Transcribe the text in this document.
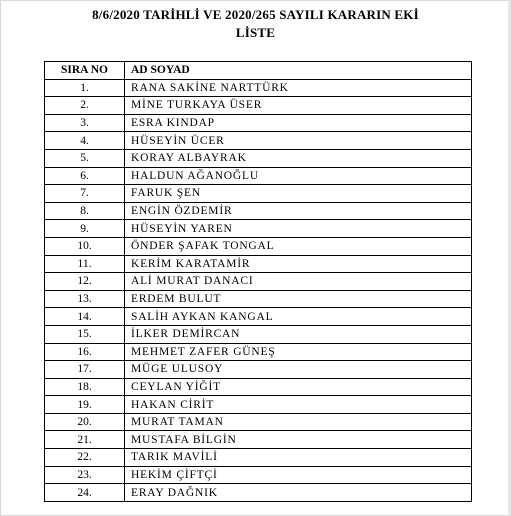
8/6/2020 TARİHLİ VE 2020/265 SAYILI KARARIN EKİ
LİSTE
SIRA NO	AD SOYAD
1.	RANA SAKİNE NARTTÜRK
2.	MİNE TURKAYA ÜSER
3.	ESRA KINDAP
4.	HÜSEYİN ÜCER
5.	KORAY ALBAYRAK
6.	HALDUN AĞANOĞLU
7.	FARUK ŞEN
8.	ENGİN ÖZDEMİR
9.	HÜSEYİN YAREN
10.	ÖNDER ŞAFAK TONGAL
11.	KERİM KARATAMİR
12.	ALİ MURAT DANACI
13.	ERDEM BULUT
14.	SALİH AYKAN KANGAL
15.	İLKER DEMİRCAN
16.	MEHMET ZAFER GÜNEŞ
17.	MÜGE ULUSOY
18.	CEYLAN YİĞİT
19.	HAKAN CİRİT
20.	MURAT TAMAN
21.	MUSTAFA BİLGİN
22.	TARIK MAVİLİ
23.	HEKİM ÇİFTÇİ
24.	ERAY DAĞNIK
